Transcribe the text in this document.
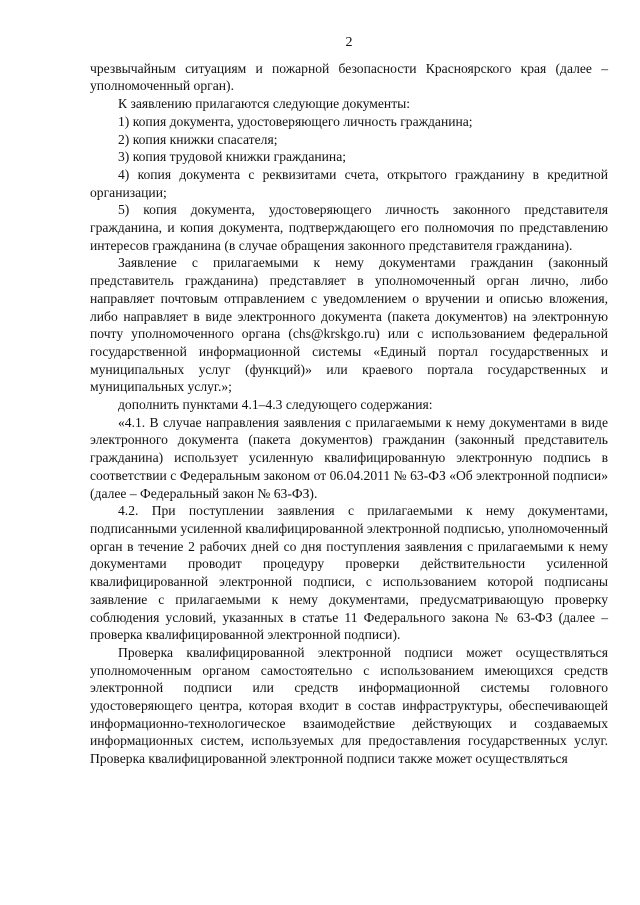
2

чрезвычайным ситуациям и пожарной безопасности Красноярского края (далее – уполномоченный орган).

К заявлению прилагаются следующие документы:

1) копия документа, удостоверяющего личность гражданина;

2) копия книжки спасателя;

3) копия трудовой книжки гражданина;

4) копия документа с реквизитами счета, открытого гражданину в кредитной организации;

5) копия документа, удостоверяющего личность законного представителя гражданина, и копия документа, подтверждающего его полномочия по представлению интересов гражданина (в случае обращения законного представителя гражданина).

Заявление с прилагаемыми к нему документами гражданин (законный представитель гражданина) представляет в уполномоченный орган лично, либо направляет почтовым отправлением с уведомлением о вручении и описью вложения, либо направляет в виде электронного документа (пакета документов) на электронную почту уполномоченного органа (chs@krskgo.ru) или с использованием федеральной государственной информационной системы «Единый портал государственных и муниципальных услуг (функций)» или краевого портала государственных и муниципальных услуг.»;

дополнить пунктами 4.1–4.3 следующего содержания:

«4.1. В случае направления заявления с прилагаемыми к нему документами в виде электронного документа (пакета документов) гражданин (законный представитель гражданина) использует усиленную квалифицированную электронную подпись в соответствии с Федеральным законом от 06.04.2011 № 63-ФЗ «Об электронной подписи» (далее – Федеральный закон № 63-ФЗ).

4.2. При поступлении заявления с прилагаемыми к нему документами, подписанными усиленной квалифицированной электронной подписью, уполномоченный орган в течение 2 рабочих дней со дня поступления заявления с прилагаемыми к нему документами проводит процедуру проверки действительности усиленной квалифицированной электронной подписи, с использованием которой подписаны заявление с прилагаемыми к нему документами, предусматривающую проверку соблюдения условий, указанных в статье 11 Федерального закона № 63-ФЗ (далее – проверка квалифицированной электронной подписи).

Проверка квалифицированной электронной подписи может осуществляться уполномоченным органом самостоятельно с использованием имеющихся средств электронной подписи или средств информационной системы головного удостоверяющего центра, которая входит в состав инфраструктуры, обеспечивающей информационно-технологическое взаимодействие действующих и создаваемых информационных систем, используемых для предоставления государственных услуг. Проверка квалифицированной электронной подписи также может осуществляться
